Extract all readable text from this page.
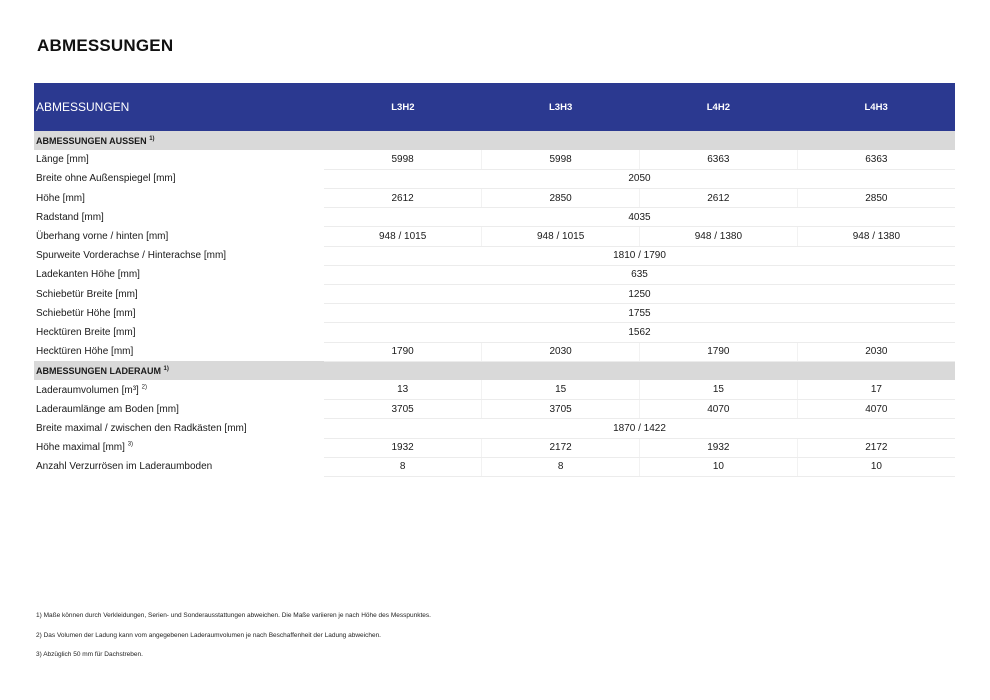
ABMESSUNGEN
ABMESSUNGEN	L3H2	L3H3	L4H2	L4H3
ABMESSUNGEN AUSSEN $^{1)}$
Länge [mm]	5998	5998	6363	6363
Breite ohne Außenspiegel [mm]	2050			
Höhe [mm]	2612	2850	2612	2850
Radstand [mm]	4035			
Überhang vorne / hinten [mm]	948 / 1015	948 / 1015	948 / 1380	948 / 1380
Spurweite Vorderachse / Hinterachse [mm]	1810 / 1790			
Ladekanten Höhe [mm]	635			
Schiebetür Breite [mm]	1250			
Schiebetür Höhe [mm]	1755			
Hecktüren Breite [mm]	1562			
Hecktüren Höhe [mm]	1790	2030	1790	2030
ABMESSUNGEN LADERAUM $^{1)}$
Laderaumvolumen [m³] $^{2)}$	13	15	15	17
Laderaumlänge am Boden [mm]	3705	3705	4070	4070
Breite maximal / zwischen den Radkästen [mm]	1870 / 1422			
Höhe maximal [mm] $^{3)}$	1932	2172	1932	2172
Anzahl Verzurrösen im Laderaumboden	8	8	10	10
1) Maße können durch Verkleidungen, Serien- und Sonderausstattungen abweichen. Die Maße variieren je nach Höhe des Messpunktes.
2) Das Volumen der Ladung kann vom angegebenen Laderaumvolumen je nach Beschaffenheit der Ladung abweichen.
3) Abzüglich 50 mm für Dachstreben.
